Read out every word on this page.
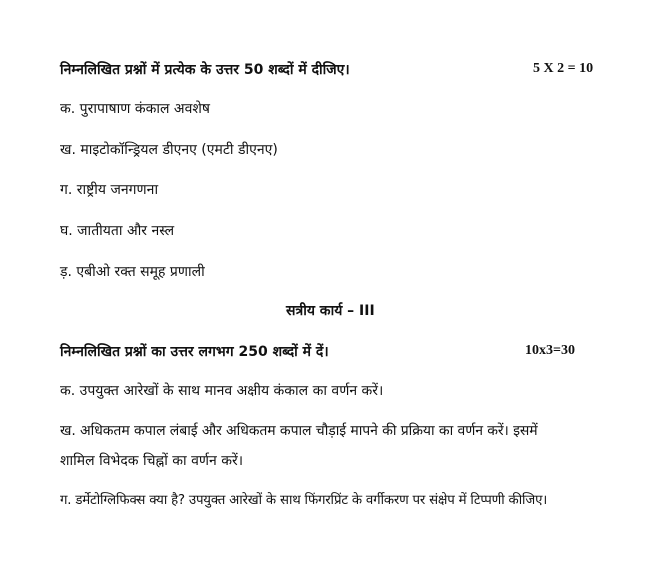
निम्नलिखित प्रश्नों में प्रत्येक के उत्तर 50 शब्दों में दीजिए।	5 X 2 = 10
क. पुरापाषाण कंकाल अवशेष
ख. माइटोकॉन्ड्रियल डीएनए (एमटी डीएनए)
ग. राष्ट्रीय जनगणना
घ. जातीयता और नस्ल
ड़. एबीओ रक्त समूह प्रणाली
सत्रीय कार्य – III
निम्नलिखित प्रश्नों का उत्तर लगभग 250 शब्दों में दें।	10x3=30
क. उपयुक्त आरेखों के साथ मानव अक्षीय कंकाल का वर्णन करें।
ख. अधिकतम कपाल लंबाई और अधिकतम कपाल चौड़ाई मापने की प्रक्रिया का वर्णन करें। इसमें
शामिल विभेदक चिह्नों का वर्णन करें।
ग. डर्मेटोग्लिफिक्स क्या है? उपयुक्त आरेखों के साथ फिंगरप्रिंट के वर्गीकरण पर संक्षेप में टिप्पणी कीजिए।
